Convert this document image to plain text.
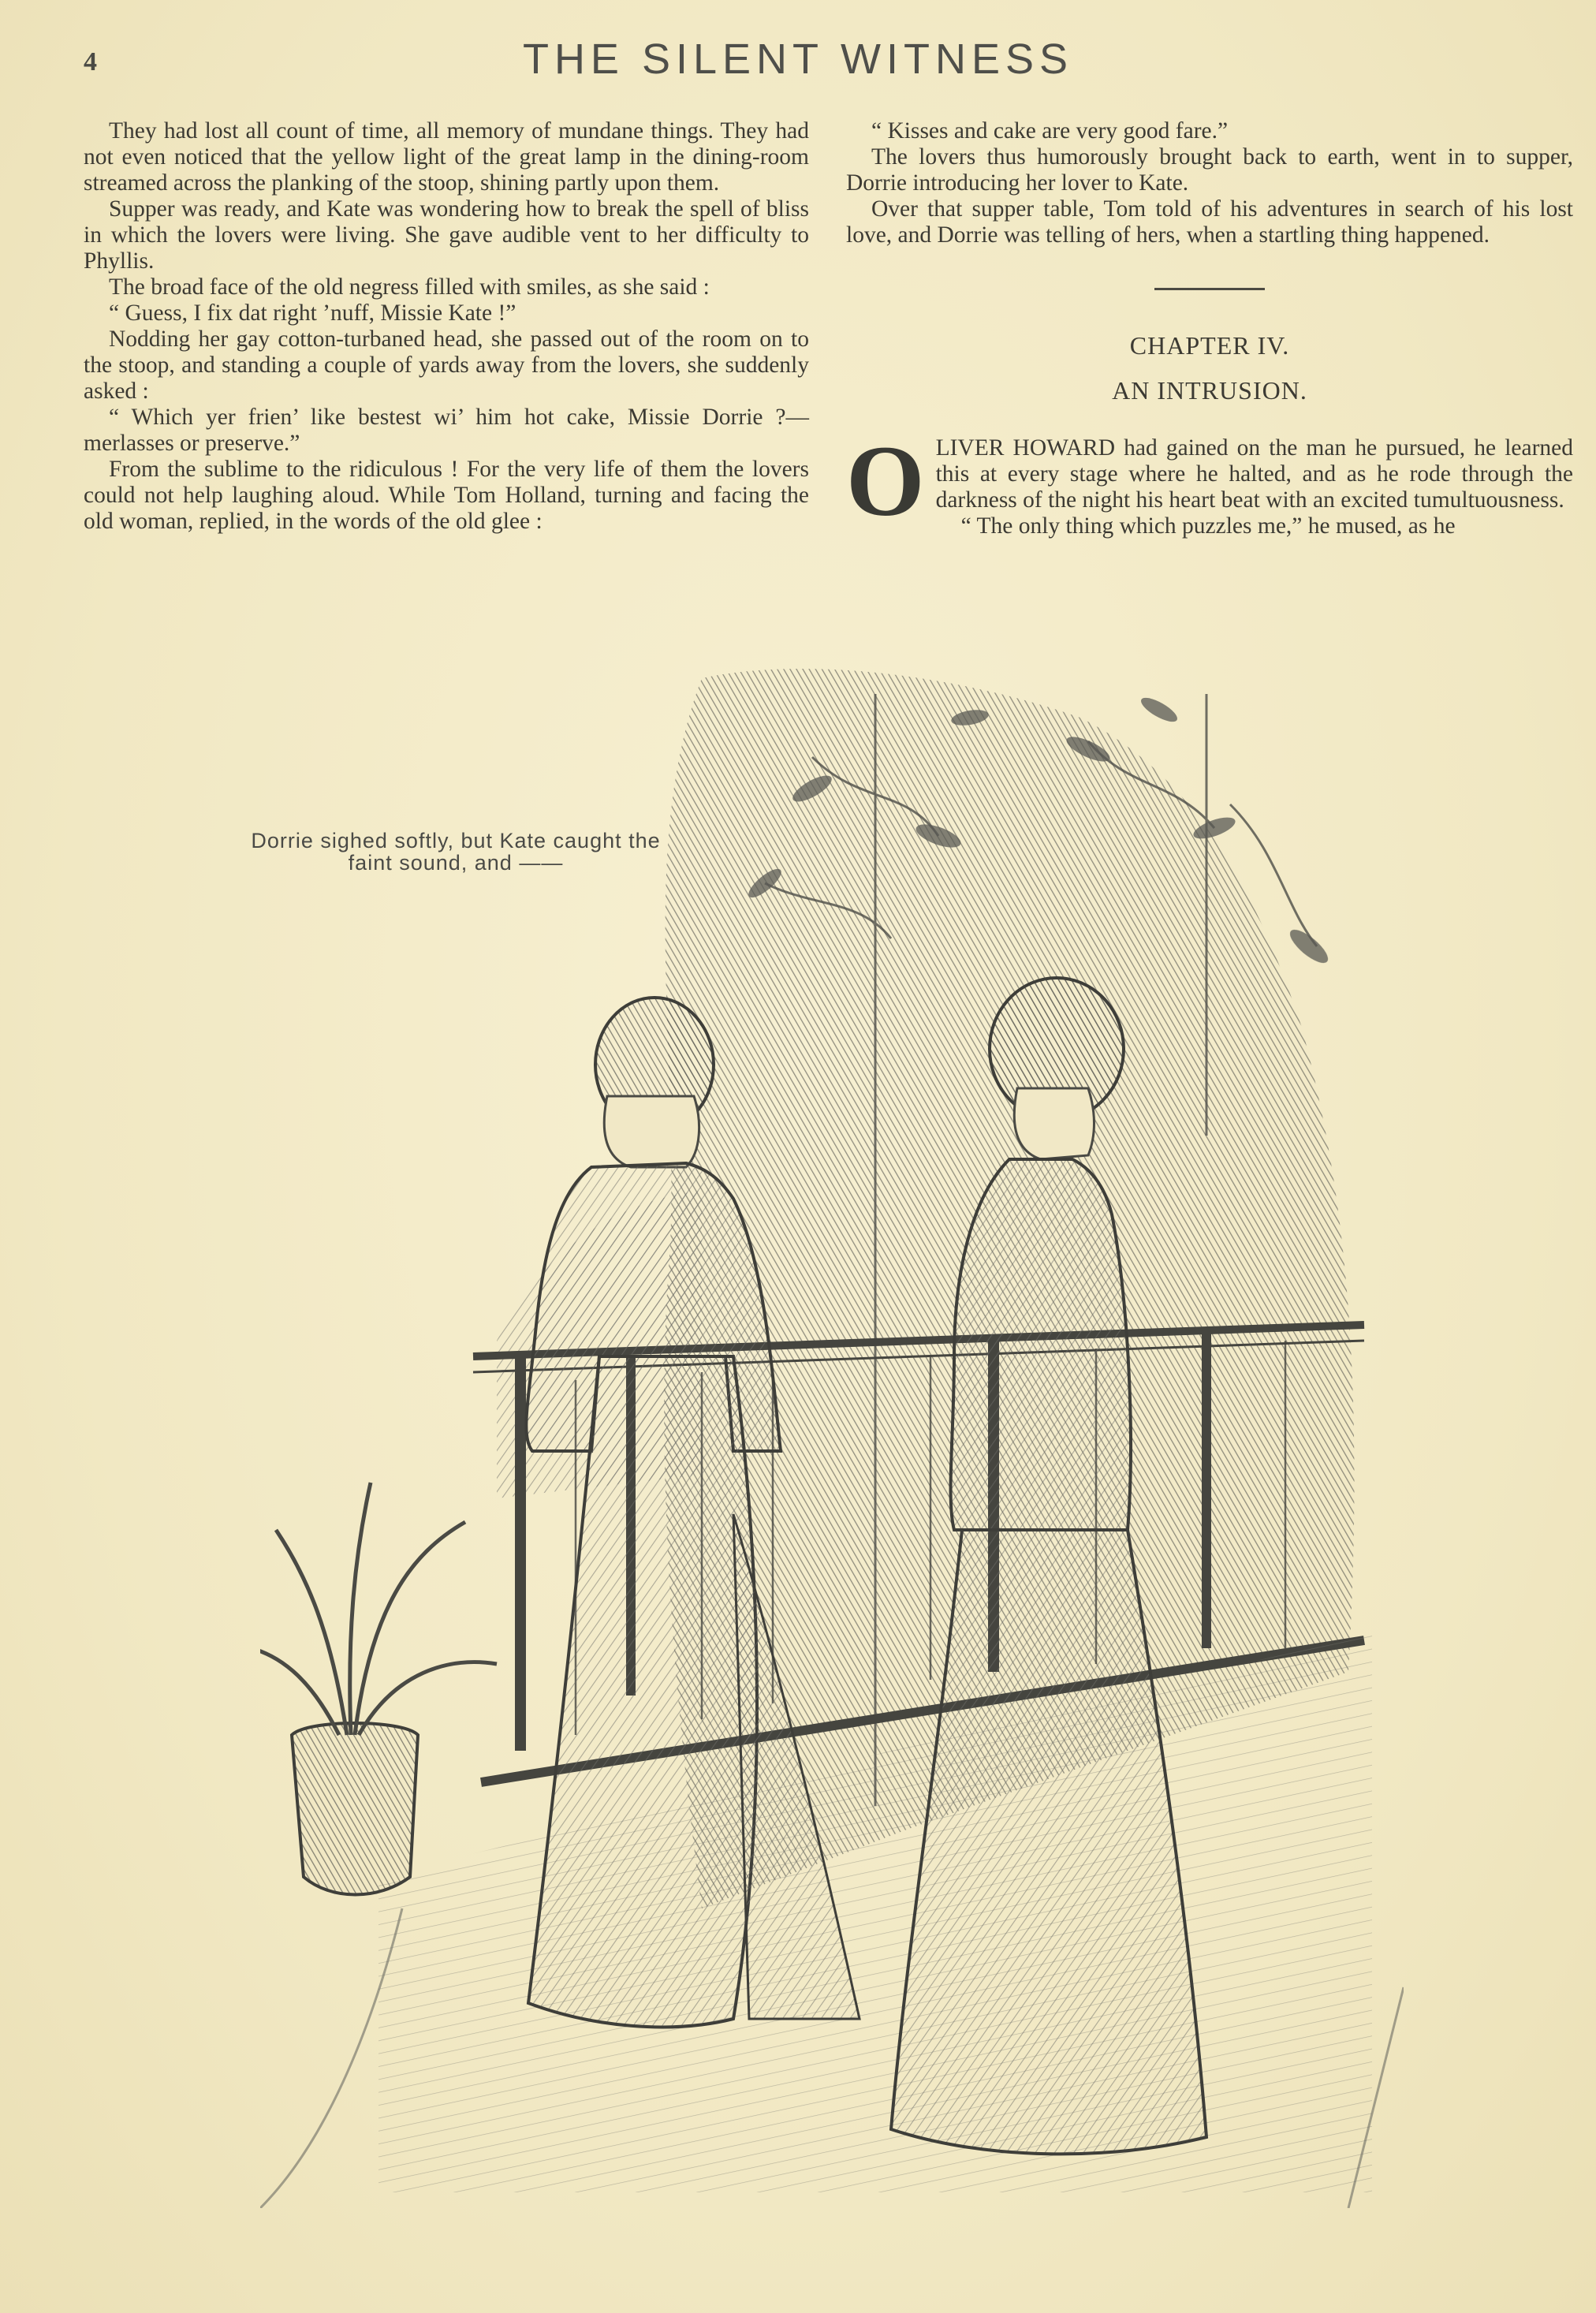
4	THE SILENT WITNESS

They had lost all count of time, all memory of mundane things. They had not even noticed that the yellow light of the great lamp in the dining-room streamed across the planking of the stoop, shining partly upon them.

Supper was ready, and Kate was wondering how to break the spell of bliss in which the lovers were living. She gave audible vent to her difficulty to Phyllis.

The broad face of the old negress filled with smiles, as she said :

“ Guess, I fix dat right ’nuff, Missie Kate !”

Nodding her gay cotton-turbaned head, she passed out of the room on to the stoop, and standing a couple of yards away from the lovers, she suddenly asked :

“ Which yer frien’ like bestest wi’ him hot cake, Missie Dorrie ?—merlasses or preserve.”

From the sublime to the ridiculous ! For the very life of them the lovers could not help laughing aloud. While Tom Holland, turning and facing the old woman, replied, in the words of the old glee :

“ Kisses and cake are very good fare.”

The lovers thus humorously brought back to earth, went in to supper, Dorrie introducing her lover to Kate.

Over that supper table, Tom told of his adventures in search of his lost love, and Dorrie was telling of hers, when a startling thing happened.

CHAPTER IV.
AN INTRUSION.

OLIVER HOWARD had gained on the man he pursued, he learned this at every stage where he halted, and as he rode through the darkness of the night his heart beat with an excited tumultuousness.

“ The only thing which puzzles me,” he mused, as he

Dorrie sighed softly, but Kate caught the faint sound, and ——
